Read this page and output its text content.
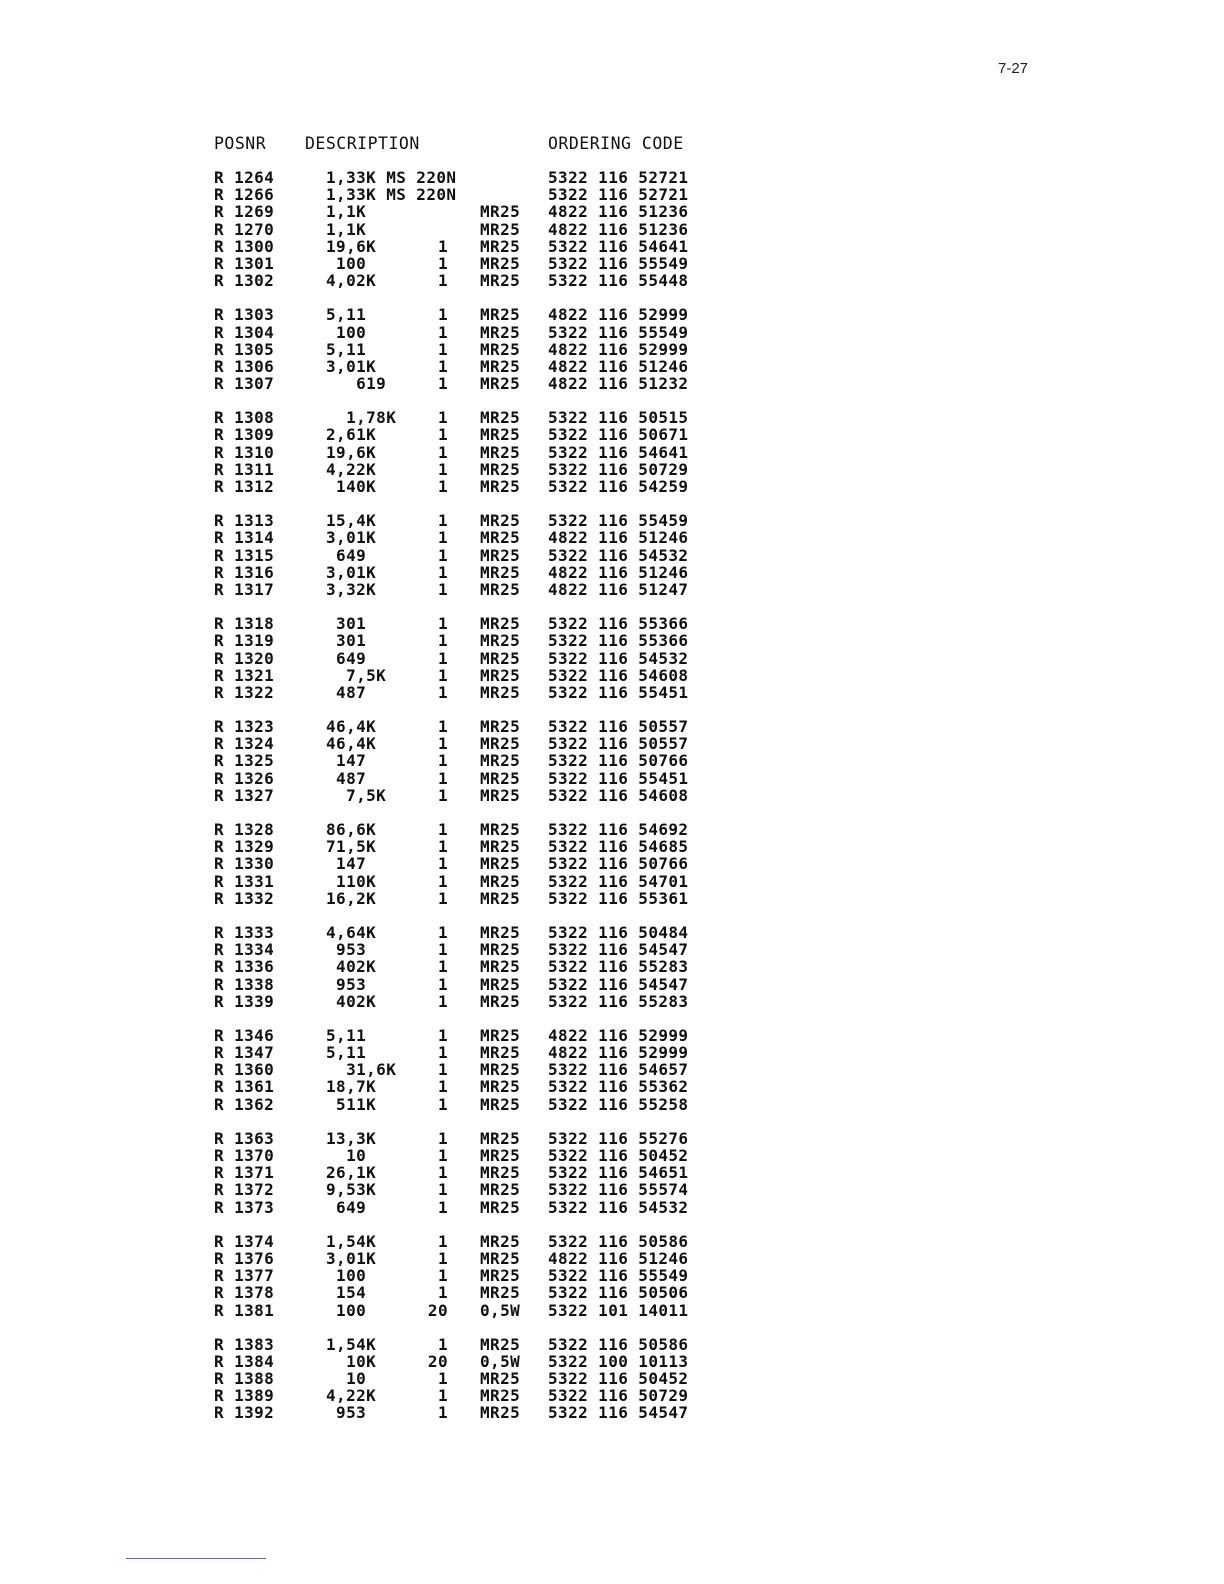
7-27
POSNR DESCRIPTION	ORDERING CODE
R 1264	1,33K MS 220N	5322 116 52721
R 1266	1,33K MS 220N	5322 116 52721
R 1269	1,1K	MR25 4822 116 51236
R 1270	1,1K	MR25 4822 116 51236
R 1300	19,6K	1 MR25 5322 116 54641
R 1301	100	1 MR25 5322 116 55549
R 1302	4,02K	1 MR25 5322 116 55448
R 1303	5,11	1 MR25 4822 116 52999
R 1304	100	1 MR25 5322 116 55549
R 1305	5,11	1 MR25 4822 116 52999
R 1306	3,01K	1 MR25 4822 116 51246
R 1307	619	1 MR25 4822 116 51232
R 1308	1,78K	1 MR25 5322 116 50515
R 1309	2,61K	1 MR25 5322 116 50671
R 1310	19,6K	1 MR25 5322 116 54641
R 1311	4,22K	1 MR25 5322 116 50729
R 1312	140K	1 MR25 5322 116 54259
R 1313	15,4K	1 MR25 5322 116 55459
R 1314	3,01K	1 MR25 4822 116 51246
R 1315	649	1 MR25 5322 116 54532
R 1316	3,01K	1 MR25 4822 116 51246
R 1317	3,32K	1 MR25 4822 116 51247
R 1318	301	1 MR25 5322 116 55366
R 1319	301	1 MR25 5322 116 55366
R 1320	649	1 MR25 5322 116 54532
R 1321	7,5K	1 MR25 5322 116 54608
R 1322	487	1 MR25 5322 116 55451
R 1323	46,4K	1 MR25 5322 116 50557
R 1324	46,4K	1 MR25 5322 116 50557
R 1325	147	1 MR25 5322 116 50766
R 1326	487	1 MR25 5322 116 55451
R 1327	7,5K	1 MR25 5322 116 54608
R 1328	86,6K	1 MR25 5322 116 54692
R 1329	71,5K	1 MR25 5322 116 54685
R 1330	147	1 MR25 5322 116 50766
R 1331	110K	1 MR25 5322 116 54701
R 1332	16,2K	1 MR25 5322 116 55361
R 1333	4,64K	1 MR25 5322 116 50484
R 1334	953	1 MR25 5322 116 54547
R 1336	402K	1 MR25 5322 116 55283
R 1338	953	1 MR25 5322 116 54547
R 1339	402K	1 MR25 5322 116 55283
R 1346	5,11	1 MR25 4822 116 52999
R 1347	5,11	1 MR25 4822 116 52999
R 1360	31,6K	1 MR25 5322 116 54657
R 1361	18,7K	1 MR25 5322 116 55362
R 1362	511K	1 MR25 5322 116 55258
R 1363	13,3K	1 MR25 5322 116 55276
R 1370	10	1 MR25 5322 116 50452
R 1371	26,1K	1 MR25 5322 116 54651
R 1372	9,53K	1 MR25 5322 116 55574
R 1373	649	1 MR25 5322 116 54532
R 1374	1,54K	1 MR25 5322 116 50586
R 1376	3,01K	1 MR25 4822 116 51246
R 1377	100	1 MR25 5322 116 55549
R 1378	154	1 MR25 5322 116 50506
R 1381	100	20 0,5W 5322 101 14011
R 1383	1,54K	1 MR25 5322 116 50586
R 1384	10K	20 0,5W 5322 100 10113
R 1388	10	1 MR25 5322 116 50452
R 1389	4,22K	1 MR25 5322 116 50729
R 1392	953	1 MR25 5322 116 54547
